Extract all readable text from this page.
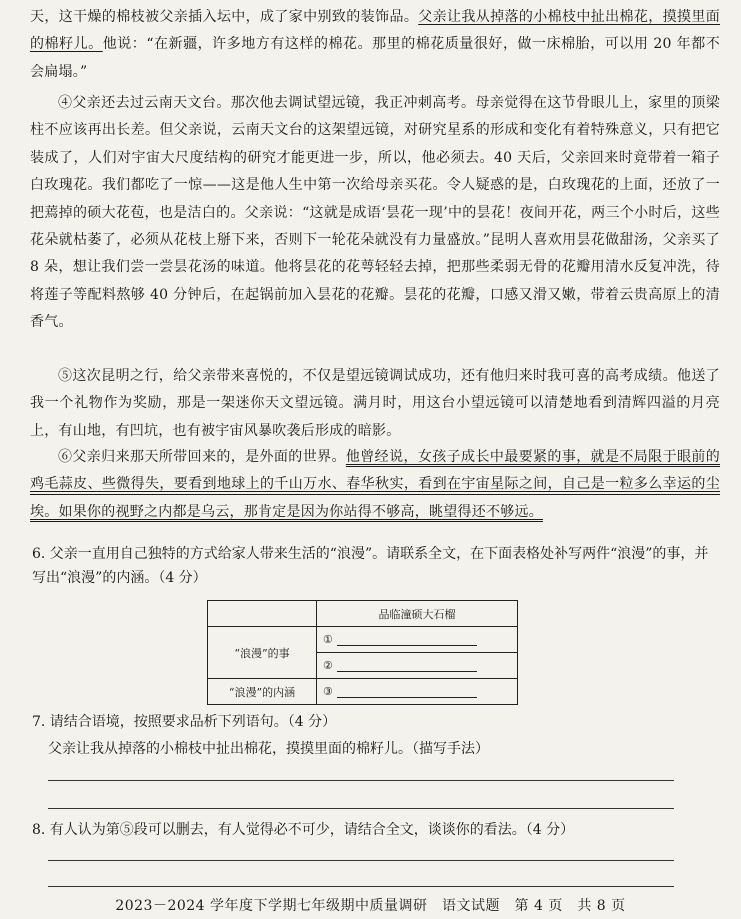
天，这干燥的棉枝被父亲插入坛中，成了家中别致的装饰品。父亲让我从掉落的小棉枝中扯出棉花，摸摸里面的棉籽儿。他说：“在新疆，许多地方有这样的棉花。那里的棉花质量很好，做一床棉胎，可以用 20 年都不会扁塌。”

④父亲还去过云南天文台。那次他去调试望远镜，我正冲刺高考。母亲觉得在这节骨眼儿上，家里的顶梁柱不应该再出长差。但父亲说，云南天文台的这架望远镜，对研究星系的形成和变化有着特殊意义，只有把它装成了，人们对宇宙大尺度结构的研究才能更进一步，所以，他必须去。40 天后，父亲回来时竟带着一箱子白玫瑰花。我们都吃了一惊——这是他人生中第一次给母亲买花。令人疑惑的是，白玫瑰花的上面，还放了一把蔫掉的硕大花苞，也是洁白的。父亲说：“这就是成语‘昙花一现’中的昙花！夜间开花，两三个小时后，这些花朵就枯萎了，必须从花枝上掰下来，否则下一轮花朵就没有力量盛放。”昆明人喜欢用昙花做甜汤，父亲买了 8 朵，想让我们尝一尝昙花汤的味道。他将昙花的花萼轻轻去掉，把那些柔弱无骨的花瓣用清水反复冲洗，待将莲子等配料熬够 40 分钟后，在起锅前加入昙花的花瓣。昙花的花瓣，口感又滑又嫩，带着云贵高原上的清香气。

⑤这次昆明之行，给父亲带来喜悦的，不仅是望远镜调试成功，还有他归来时我可喜的高考成绩。他送了我一个礼物作为奖励，那是一架迷你天文望远镜。满月时，用这台小望远镜可以清楚地看到清辉四溢的月亮上，有山地，有凹坑，也有被宇宙风暴吹袭后形成的暗影。

⑥父亲归来那天所带回来的，是外面的世界。他曾经说，女孩子成长中最要紧的事，就是不局限于眼前的鸡毛蒜皮、些微得失，要看到地球上的千山万水、春华秋实，看到在宇宙星际之间，自己是一粒多么幸运的尘埃。如果你的视野之内都是乌云，那肯定是因为你站得不够高，眺望得还不够远。

6. 父亲一直用自己独特的方式给家人带来生活的“浪漫”。请联系全文，在下面表格处补写两件“浪漫”的事，并写出“浪漫”的内涵。（4 分）

	品临潼硕大石榴
“浪漫”的事	①
	②
“浪漫”的内涵	③

7. 请结合语境，按照要求品析下列语句。（4 分）

父亲让我从掉落的小棉枝中扯出棉花，摸摸里面的棉籽儿。（描写手法）

8. 有人认为第⑤段可以删去，有人觉得必不可少，请结合全文，谈谈你的看法。（4 分）

2023－2024 学年度下学期七年级期中质量调研　语文试题　第 4 页　共 8 页
